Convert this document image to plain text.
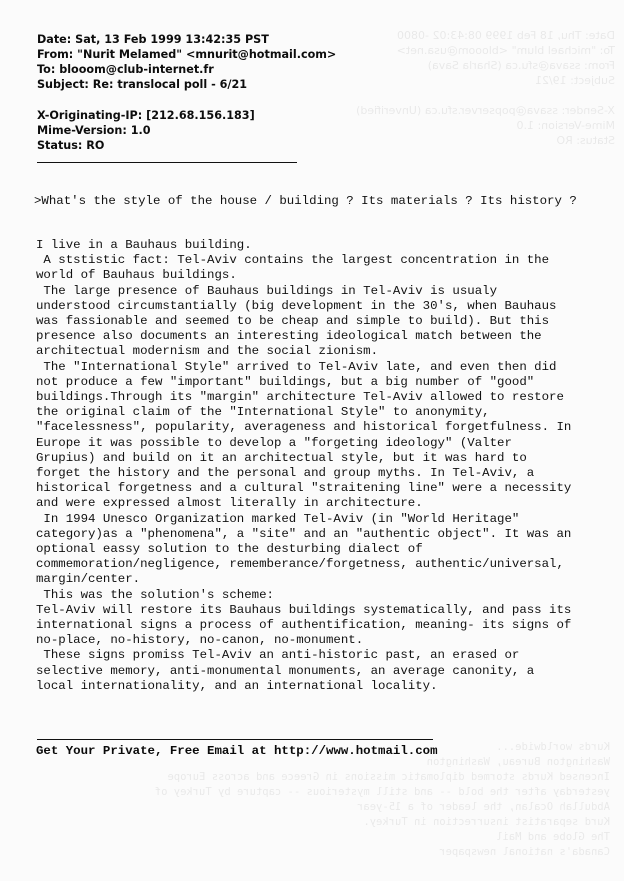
Date: Thu, 18 Feb 1999 08:43:02 -0800
To: "michael blum" <blooom@usa.net>
From: ssava@sfu.ca (Sharla Sava)
Subject: 19/21

X-Sender: ssava@popserver.sfu.ca (Unverified)
Mime-Version: 1.0
Status: RO
Kurds worldwide...
Washington Bureau, Washington
Incensed Kurds stormed diplomatic missions in Greece and across Europe
yesterday after the bold -- and still mysterious -- capture by Turkey of
Abdullah Ocalan, the leader of a 15-year
Kurd separatist insurrection in Turkey.
The Globe and Mail
Canada's national newspaper
Date: Sat, 13 Feb 1999 13:42:35 PST
From: "Nurit Melamed" <mnurit@hotmail.com>
To: blooom@club-internet.fr
Subject: Re: translocal poll - 6/21
X-Originating-IP: [212.68.156.183]
Mime-Version: 1.0
Status: RO
>What's the style of the house / building ? Its materials ? Its history ?
I live in a Bauhaus building.
A ststistic fact: Tel-Aviv contains the largest concentration in the
world of Bauhaus buildings.
The large presence of Bauhaus buildings in Tel-Aviv is usualy
understood circumstantially (big development in the 30's, when Bauhaus
was fassionable and seemed to be cheap and simple to build). But this
presence also documents an interesting ideological match between the
architectual modernism and the social zionism.
The "International Style" arrived to Tel-Aviv late, and even then did
not produce a few "important" buildings, but a big number of "good"
buildings.Through its "margin" architecture Tel-Aviv allowed to restore
the original claim of the "International Style" to anonymity,
"facelessness", popularity, averageness and historical forgetfulness. In
Europe it was possible to develop a "forgeting ideology" (Valter
Grupius) and build on it an architectual style, but it was hard to
forget the history and the personal and group myths. In Tel-Aviv, a
historical forgetness and a cultural "straitening line" were a necessity
and were expressed almost literally in architecture.
In 1994 Unesco Organization marked Tel-Aviv (in "World Heritage"
category)as a "phenomena", a "site" and an "authentic object". It was an
optional eassy solution to the desturbing dialect of
commemoration/negligence, rememberance/forgetness, authentic/universal,
margin/center.
This was the solution's scheme:
Tel-Aviv will restore its Bauhaus buildings systematically, and pass its
international signs a process of authentification, meaning- its signs of
no-place, no-history, no-canon, no-monument.
These signs promiss Tel-Aviv an anti-historic past, an erased or
selective memory, anti-monumental monuments, an average canonity, a
local internationality, and an international locality.
Get Your Private, Free Email at http://www.hotmail.com
